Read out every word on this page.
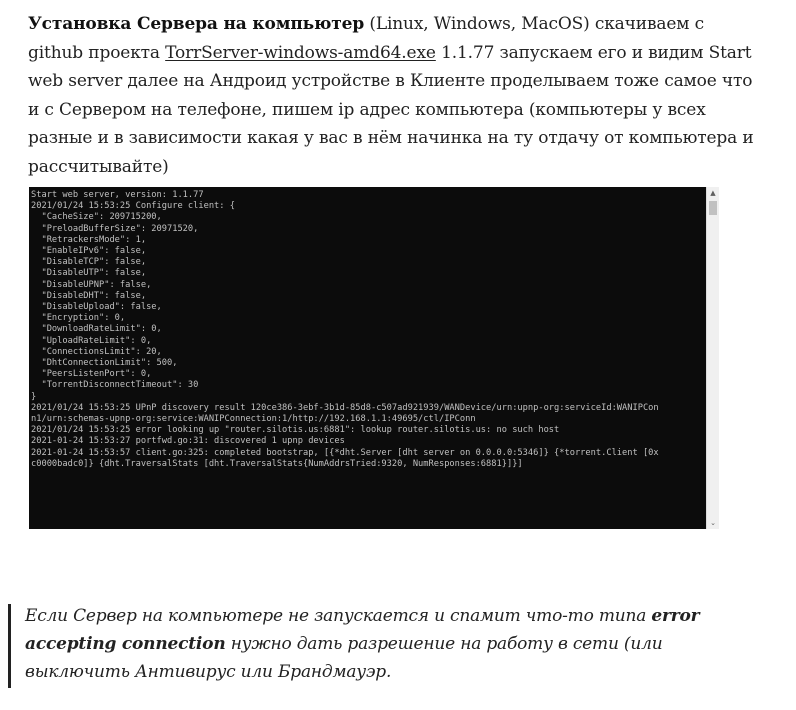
Установка Сервера на компьютер (Linux, Windows, MacOS) скачиваем с github проекта TorrServer-windows-amd64.exe 1.1.77 запускаем его и видим Start web server далее на Андроид устройстве в Клиенте проделываем тоже самое что и с Сервером на телефоне, пишем ip адрес компьютера (компьютеры у всех разные и в зависимости какая у вас в нём начинка на ту отдачу от компьютера и рассчитывайте)

Start web server, version: 1.1.77
2021/01/24 15:53:25 Configure client: {
"CacheSize": 209715200,
"PreloadBufferSize": 20971520,
"RetrackersMode": 1,
"EnableIPv6": false,
"DisableTCP": false,
"DisableUTP": false,
"DisableUPNP": false,
"DisableDHT": false,
"DisableUpload": false,
"Encryption": 0,
"DownloadRateLimit": 0,
"UploadRateLimit": 0,
"ConnectionsLimit": 20,
"DhtConnectionLimit": 500,
"PeersListenPort": 0,
"TorrentDisconnectTimeout": 30
}
2021/01/24 15:53:25 UPnP discovery result 120ce386-3ebf-3b1d-85d8-c507ad921939/WANDevice/urn:upnp-org:serviceId:WANIPCon
n1/urn:schemas-upnp-org:service:WANIPConnection:1/http://192.168.1.1:49695/ctl/IPConn
2021/01/24 15:53:25 error looking up "router.silotis.us:6881": lookup router.silotis.us: no such host
2021-01-24 15:53:27 portfwd.go:31: discovered 1 upnp devices
2021-01-24 15:53:57 client.go:325: completed bootstrap, [{*dht.Server [dht server on 0.0.0.0:5346]} {*torrent.Client [0x
c0000badc0]} {dht.TraversalStats [dht.TraversalStats{NumAddrsTried:9320, NumResponses:6881}]}]
▲
⌄

Если Сервер на компьютере не запускается и спамит что-то типа error accepting connection нужно дать разрешение на работу в сети (или выключить Антивирус или Брандмауэр.
